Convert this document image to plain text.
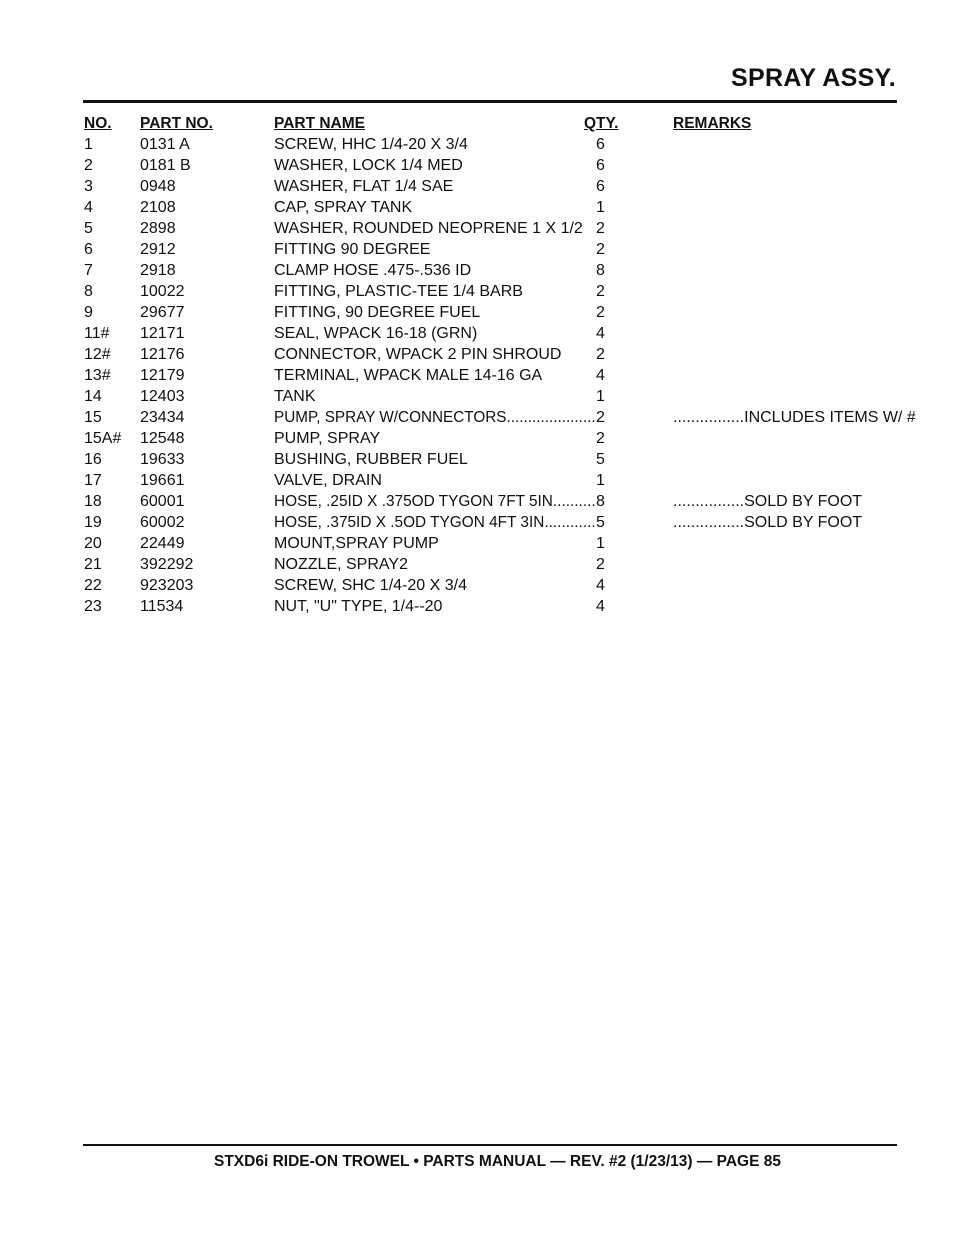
SPRAY ASSY.
NO. PART NO.	PART NAME	QTY.	REMARKS
1	0131 A	SCREW, HHC 1/4-20 X 3/4	6
2	0181 B	WASHER, LOCK 1/4 MED	6
3	0948	WASHER, FLAT 1/4 SAE	6
4	2108	CAP, SPRAY TANK	1
5	2898	WASHER, ROUNDED NEOPRENE 1 X 1/2 2
6	2912	FITTING 90 DEGREE	2
7	2918	CLAMP HOSE .475-.536 ID	8
8	10022	FITTING, PLASTIC-TEE 1/4 BARB	2
9	29677	FITTING, 90 DEGREE FUEL	2
11# 12171	SEAL, WPACK 16-18 (GRN)	4
12# 12176	CONNECTOR, WPACK 2 PIN SHROUD 2
13# 12179	TERMINAL, WPACK MALE 14-16 GA	4
14 12403	TANK	1
15 23434	PUMP, SPRAY W/CONNECTORS..................... 2	................INCLUDES ITEMS W/ #
15A# 12548	PUMP, SPRAY	2
16 19633	BUSHING, RUBBER FUEL	5
17 19661	VALVE, DRAIN	1
18 60001	HOSE, .25ID X .375OD TYGON 7FT 5IN.......... 8	................SOLD BY FOOT
19 60002	HOSE, .375ID X .5OD TYGON 4FT 3IN............ 5	................SOLD BY FOOT
20 22449	MOUNT,SPRAY PUMP	1
21 392292	NOZZLE, SPRAY2	2
22 923203	SCREW, SHC 1/4-20 X 3/4	4
23 11534	NUT, "U" TYPE, 1/4--20	4
STXD6i RIDE-ON TROWEL • PARTS MANUAL — REV. #2 (1/23/13) — PAGE 85
